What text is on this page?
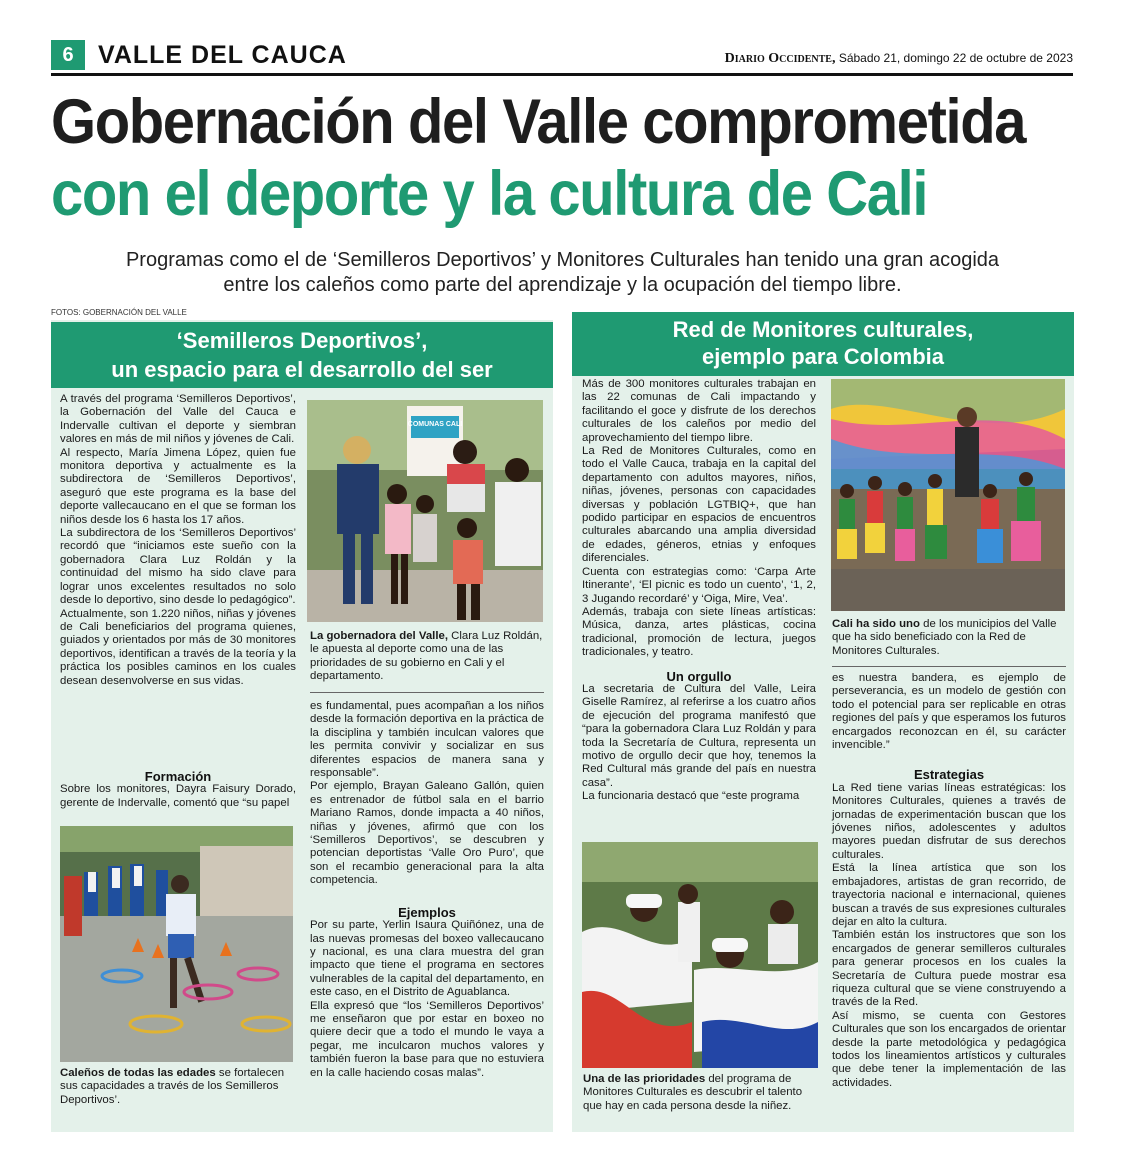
6 VALLE DEL CAUCA	Diario Occidente, Sábado 21, domingo 22 de octubre de 2023
Gobernación del Valle comprometida
con el deporte y la cultura de Cali
Programas como el de ‘Semilleros Deportivos’ y Monitores Culturales han tenido una gran acogida
entre los caleños como parte del aprendizaje y la ocupación del tiempo libre.
FOTOS: GOBERNACIÓN DEL VALLE
‘Semilleros Deportivos’,
un espacio para el desarrollo del ser
Red de Monitores culturales,
ejemplo para Colombia

A través del programa ‘Semilleros Deportivos’, la Gobernación del Valle del Cauca e Indervalle cultivan el deporte y siembran valores en más de mil niños y jóvenes de Cali.

Al respecto, María Jimena López, quien fue monitora deportiva y actualmente es la subdirectora de ‘Semilleros Deportivos’, aseguró que este programa es la base del deporte vallecaucano en el que se forman los niños desde los 6 hasta los 17 años.

La subdirectora de los ‘Semilleros Deportivos’ recordó que “iniciamos este sueño con la gobernadora Clara Luz Roldán y la continuidad del mismo ha sido clave para lograr unos excelentes resultados no solo desde lo deportivo, sino desde lo pedagógico”.

Actualmente, son 1.220 niños, niñas y jóvenes de Cali beneficiarios del programa quienes, guiados y orientados por más de 30 monitores deportivos, identifican a través de la teoría y la práctica los posibles caminos en los cuales desean desenvolverse en sus vidas.

Formación

Sobre los monitores, Dayra Faisury Dorado, gerente de Indervalle, comentó que “su papel

Caleños de todas las edades se fortalecen sus capacidades a través de los Semilleros Deportivos’.
COMUNAS CALI
La gobernadora del Valle, Clara Luz Roldán, le apuesta al deporte como una de las prioridades de su gobierno en Cali y el departamento.

es fundamental, pues acompañan a los niños desde la formación deportiva en la práctica de la disciplina y también inculcan valores que les permita convivir y socializar en sus diferentes espacios de manera sana y responsable”.

Por ejemplo, Brayan Galeano Gallón, quien es entrenador de fútbol sala en el barrio Mariano Ramos, donde impacta a 40 niños, niñas y jóvenes, afirmó que con los ‘Semilleros Deportivos’, se descubren y potencian deportistas ‘Valle Oro Puro’, que son el recambio generacional para la alta competencia.

Ejemplos

Por su parte, Yerlin Isaura Quiñónez, una de las nuevas promesas del boxeo vallecaucano y nacional, es una clara muestra del gran impacto que tiene el programa en sectores vulnerables de la capital del departamento, en este caso, en el Distrito de Aguablanca.

Ella expresó que “los ‘Semilleros Deportivos’ me enseñaron que por estar en boxeo no quiere decir que a todo el mundo le vaya a pegar, me inculcaron muchos valores y también fueron la base para que no estuviera en la calle haciendo cosas malas”.

Más de 300 monitores culturales trabajan en las 22 comunas de Cali impactando y facilitando el goce y disfrute de los derechos culturales de los caleños por medio del aprovechamiento del tiempo libre.

La Red de Monitores Culturales, como en todo el Valle Cauca, trabaja en la capital del departamento con adultos mayores, niños, niñas, jóvenes, personas con capacidades diversas y población LGTBIQ+, que han podido participar en espacios de encuentros culturales abarcando una amplia diversidad de edades, géneros, etnias y enfoques diferenciales.

Cuenta con estrategias como: ‘Carpa Arte Itinerante’, ‘El picnic es todo un cuento’, ‘1, 2, 3 Jugando recordaré’ y ‘Oiga, Mire, Vea’.

Además, trabaja con siete líneas artísticas: Música, danza, artes plásticas, cocina tradicional, promoción de lectura, juegos tradicionales, y teatro.

Un orgullo

La secretaria de Cultura del Valle, Leira Giselle Ramírez, al referirse a los cuatro años de ejecución del programa manifestó que “para la gobernadora Clara Luz Roldán y para toda la Secretaría de Cultura, representa un motivo de orgullo decir que hoy, tenemos la Red Cultural más grande del país en nuestra casa”.

La funcionaria destacó que “este programa

Una de las prioridades del programa de Monitores Culturales es descubrir el talento que hay en cada persona desde la niñez.
Cali ha sido uno de los municipios del Valle que ha sido beneficiado con la Red de Monitores Culturales.

es nuestra bandera, es ejemplo de perseverancia, es un modelo de gestión con todo el potencial para ser replicable en otras regiones del país y que esperamos los futuros encargados reconozcan en él, su carácter invencible.”

Estrategias

La Red tiene varias líneas estratégicas: los Monitores Culturales, quienes a través de jornadas de experimentación buscan que los jóvenes niños, adolescentes y adultos mayores puedan disfrutar de sus derechos culturales.

Está la línea artística que son los embajadores, artistas de gran recorrido, de trayectoria nacional e internacional, quienes buscan a través de sus expresiones culturales dejar en alto la cultura.

También están los instructores que son los encargados de generar semilleros culturales para generar procesos en los cuales la Secretaría de Cultura puede mostrar esa riqueza cultural que se viene construyendo a través de la Red.

Así mismo, se cuenta con Gestores Culturales que son los encargados de orientar desde la parte metodológica y pedagógica todos los lineamientos artísticos y culturales que debe tener la implementación de las actividades.
